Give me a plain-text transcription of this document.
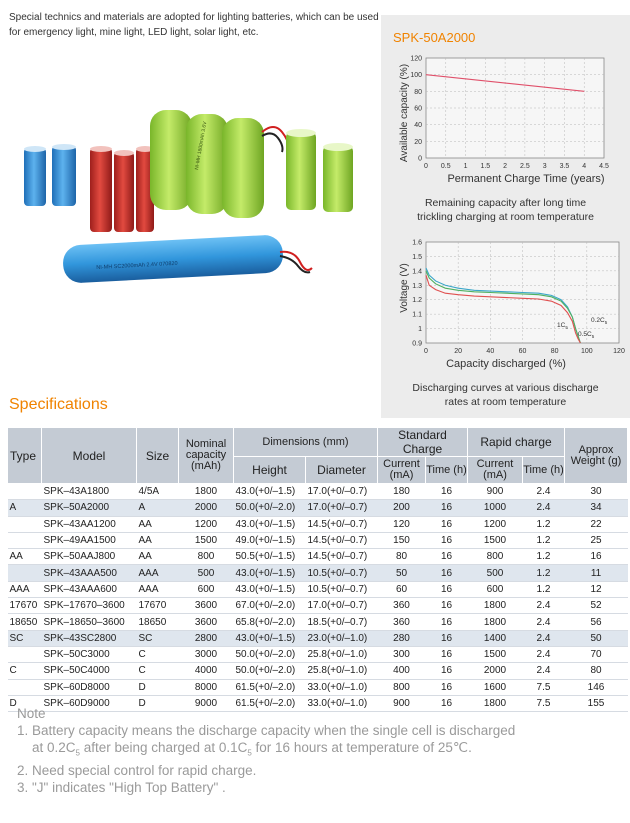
Special technics and materials are adopted for lighting batteries, which can be used for emergency light, mine light, LED light, solar light, etc.

NI-MH 1800mAh 3.6V
NI-MH SC2000mAh 2.4V 070820

SPK-50A2000

Available capacity (%)
Permanent Charge Time (years)
120
100
80
60
40
20
0
0 0.5 1 1.5 2 2.5 3 3.5 4 4.5
Remaining capacity after long time
trickling charging at room temperature
Voltage (V)
Capacity discharged (%)
1.6
1.5
1.4
1.3
1.2
1.1
1
0.9
0	20	40	60	80	100	120
$0.5C_5$
$0.2C_5$
$1C_5$
Discharging curves at various discharge
rates at room temperature

Specifications

Type	Model	Size	Nominal capacity (mAh)	Dimensions (mm)		Standard Charge		Rapid charge		Approx Weight (g)
				Height	Diameter	Current (mA)	Time (h)	Current (mA)	Time (h)	
	SPK–43A1800	4/5A	1800	43.0(+0/–1.5)	17.0(+0/–0.7)	180	16	900	2.4	30
A	SPK–50A2000	A	2000	50.0(+0/–2.0)	17.0(+0/–0.7)	200	16	1000	2.4	34
	SPK–43AA1200	AA	1200	43.0(+0/–1.5)	14.5(+0/–0.7)	120	16	1200	1.2	22
	SPK–49AA1500	AA	1500	49.0(+0/–1.5)	14.5(+0/–0.7)	150	16	1500	1.2	25
AA	SPK–50AAJ800	AA	800	50.5(+0/–1.5)	14.5(+0/–0.7)	80	16	800	1.2	16
	SPK–43AAA500	AAA	500	43.0(+0/–1.5)	10.5(+0/–0.7)	50	16	500	1.2	11
AAA	SPK–43AAA600	AAA	600	43.0(+0/–1.5)	10.5(+0/–0.7)	60	16	600	1.2	12
17670	SPK–17670–3600	17670	3600	67.0(+0/–2.0)	17.0(+0/–0.7)	360	16	1800	2.4	52
18650	SPK–18650–3600	18650	3600	65.8(+0/–2.0)	18.5(+0/–0.7)	360	16	1800	2.4	56
SC	SPK–43SC2800	SC	2800	43.0(+0/–1.5)	23.0(+0/–1.0)	280	16	1400	2.4	50
	SPK–50C3000	C	3000	50.0(+0/–2.0)	25.8(+0/–1.0)	300	16	1500	2.4	70
C	SPK–50C4000	C	4000	50.0(+0/–2.0)	25.8(+0/–1.0)	400	16	2000	2.4	80
	SPK–60D8000	D	8000	61.5(+0/–2.0)	33.0(+0/–1.0)	800	16	1600	7.5	146
D	SPK–60D9000	D	9000	61.5(+0/–2.0)	33.0(+0/–1.0)	900	16	1800	7.5	155

Note

1. Battery capacity means the discharge capacity when the single cell is discharged

at $0.2C_5$ after being charged at $0.1C_5$ for 16 hours at temperature of 25℃.

2. Need special control for rapid charge.

3. "J" indicates "High Top Battery" .
